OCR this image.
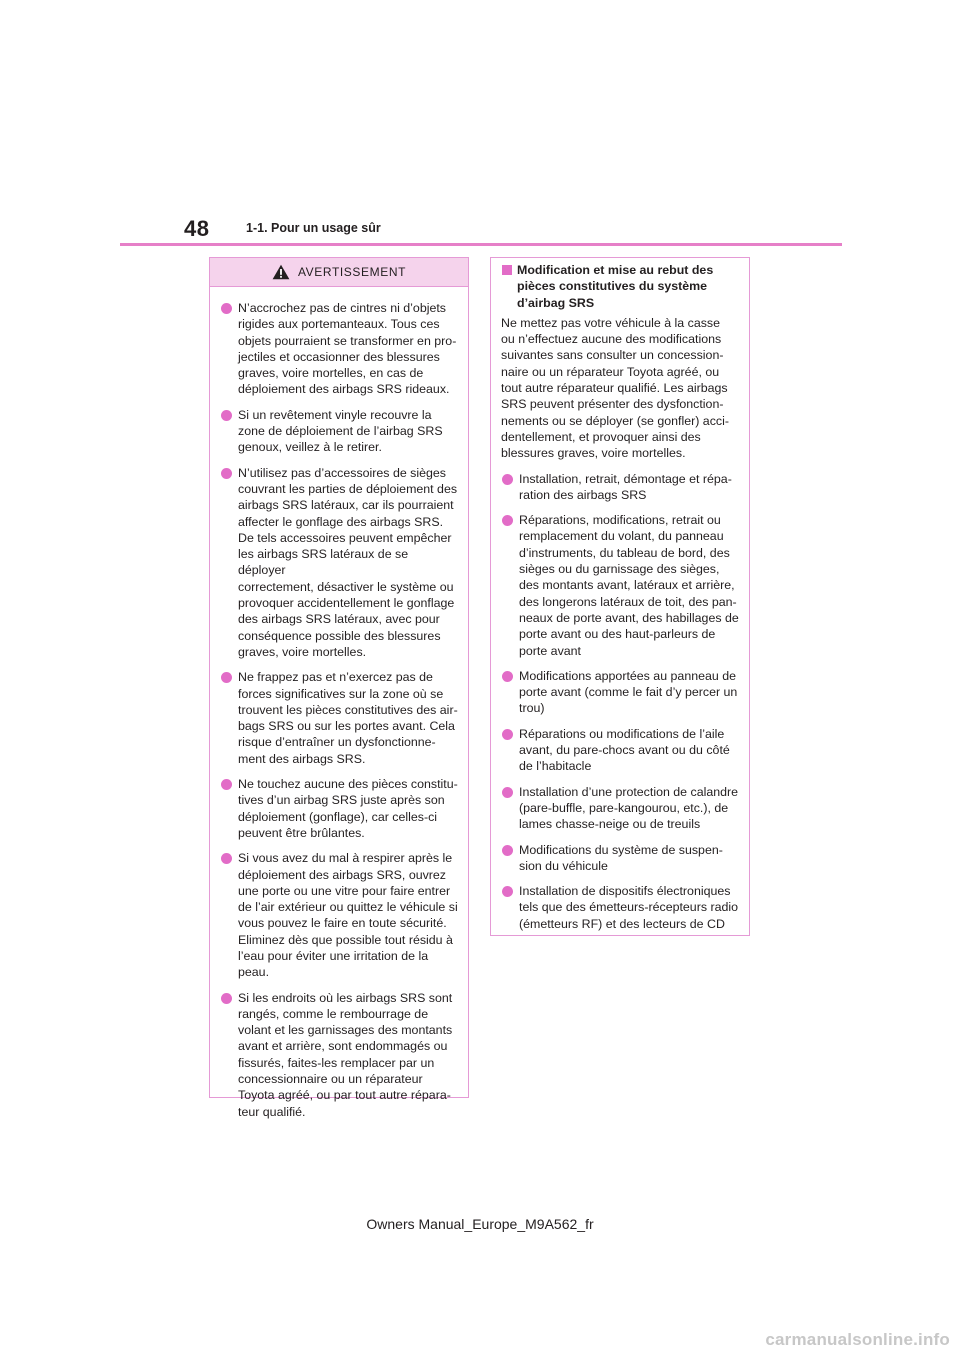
48	1-1. Pour un usage sûr
AVERTISSEMENT
N’accrochez pas de cintres ni d’objets
rigides aux portemanteaux. Tous ces
objets pourraient se transformer en pro-
jectiles et occasionner des blessures
graves, voire mortelles, en cas de
déploiement des airbags SRS rideaux.
Si un revêtement vinyle recouvre la
zone de déploiement de l’airbag SRS
genoux, veillez à le retirer.
N’utilisez pas d’accessoires de sièges
couvrant les parties de déploiement des
airbags SRS latéraux, car ils pourraient
affecter le gonflage des airbags SRS.
De tels accessoires peuvent empêcher
les airbags SRS latéraux de se déployer
correctement, désactiver le système ou
provoquer accidentellement le gonflage
des airbags SRS latéraux, avec pour
conséquence possible des blessures
graves, voire mortelles.
Ne frappez pas et n’exercez pas de
forces significatives sur la zone où se
trouvent les pièces constitutives des air-
bags SRS ou sur les portes avant. Cela
risque d’entraîner un dysfonctionne-
ment des airbags SRS.
Ne touchez aucune des pièces constitu-
tives d’un airbag SRS juste après son
déploiement (gonflage), car celles-ci
peuvent être brûlantes.
Si vous avez du mal à respirer après le
déploiement des airbags SRS, ouvrez
une porte ou une vitre pour faire entrer
de l’air extérieur ou quittez le véhicule si
vous pouvez le faire en toute sécurité.
Eliminez dès que possible tout résidu à
l’eau pour éviter une irritation de la
peau.
Si les endroits où les airbags SRS sont
rangés, comme le rembourrage de
volant et les garnissages des montants
avant et arrière, sont endommagés ou
fissurés, faites-les remplacer par un
concessionnaire ou un réparateur
Toyota agréé, ou par tout autre répara-
teur qualifié.
Modification et mise au rebut des
pièces constitutives du système
d’airbag SRS
Ne mettez pas votre véhicule à la casse
ou n’effectuez aucune des modifications
suivantes sans consulter un concession-
naire ou un réparateur Toyota agréé, ou
tout autre réparateur qualifié. Les airbags
SRS peuvent présenter des dysfonction-
nements ou se déployer (se gonfler) acci-
dentellement, et provoquer ainsi des
blessures graves, voire mortelles.
Installation, retrait, démontage et répa-
ration des airbags SRS
Réparations, modifications, retrait ou
remplacement du volant, du panneau
d’instruments, du tableau de bord, des
sièges ou du garnissage des sièges,
des montants avant, latéraux et arrière,
des longerons latéraux de toit, des pan-
neaux de porte avant, des habillages de
porte avant ou des haut-parleurs de
porte avant
Modifications apportées au panneau de
porte avant (comme le fait d’y percer un
trou)
Réparations ou modifications de l’aile
avant, du pare-chocs avant ou du côté
de l’habitacle
Installation d’une protection de calandre
(pare-buffle, pare-kangourou, etc.), de
lames chasse-neige ou de treuils
Modifications du système de suspen-
sion du véhicule
Installation de dispositifs électroniques
tels que des émetteurs-récepteurs radio
(émetteurs RF) et des lecteurs de CD
Owners Manual_Europe_M9A562_fr
carmanualsonline.info
